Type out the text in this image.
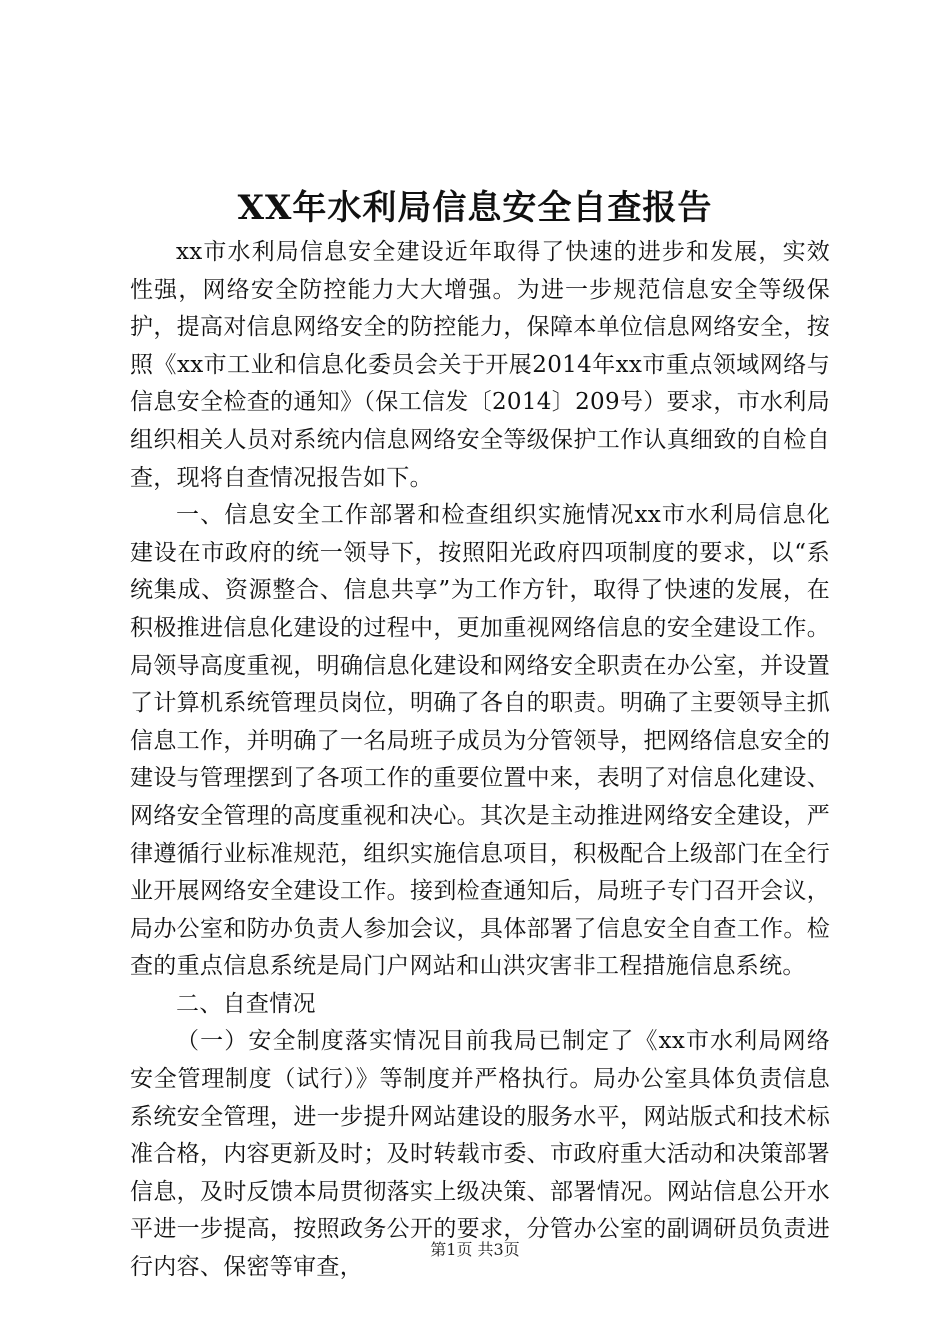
XX年水利局信息安全自查报告

xx市水利局信息安全建设近年取得了快速的进步和发展，实效性强，网络安全防控能力大大增强。为进一步规范信息安全等级保护，提高对信息网络安全的防控能力，保障本单位信息网络安全，按照《xx市工业和信息化委员会关于开展2014年xx市重点领域网络与信息安全检查的通知》（保工信发〔2014〕209号）要求，市水利局组织相关人员对系统内信息网络安全等级保护工作认真细致的自检自查，现将自查情况报告如下。

一、信息安全工作部署和检查组织实施情况xx市水利局信息化建设在市政府的统一领导下，按照阳光政府四项制度的要求，以“系统集成、资源整合、信息共享”为工作方针，取得了快速的发展，在积极推进信息化建设的过程中，更加重视网络信息的安全建设工作。局领导高度重视，明确信息化建设和网络安全职责在办公室，并设置了计算机系统管理员岗位，明确了各自的职责。明确了主要领导主抓信息工作，并明确了一名局班子成员为分管领导，把网络信息安全的建设与管理摆到了各项工作的重要位置中来，表明了对信息化建设、网络安全管理的高度重视和决心。其次是主动推进网络安全建设，严律遵循行业标准规范，组织实施信息项目，积极配合上级部门在全行业开展网络安全建设工作。接到检查通知后，局班子专门召开会议，局办公室和防办负责人参加会议，具体部署了信息安全自查工作。检查的重点信息系统是局门户网站和山洪灾害非工程措施信息系统。

二、自查情况

（一）安全制度落实情况目前我局已制定了《xx市水利局网络安全管理制度（试行）》等制度并严格执行。局办公室具体负责信息系统安全管理，进一步提升网站建设的服务水平，网站版式和技术标准合格，内容更新及时；及时转载市委、市政府重大活动和决策部署信息，及时反馈本局贯彻落实上级决策、部署情况。网站信息公开水平进一步提高，按照政务公开的要求，分管办公室的副调研员负责进行内容、保密等审查，

第1页 共3页
